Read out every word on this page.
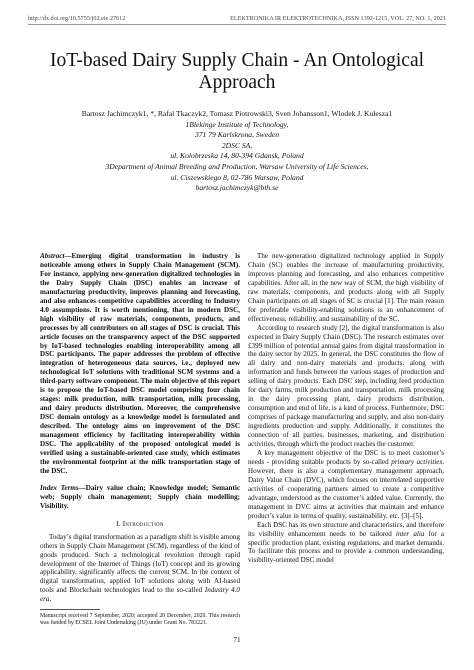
http://dx.doi.org/10.5755/j02.eie.27612	ELEKTRONIKA IR ELEKTROTECHNIKA, ISSN 1392-1215, VOL. 27, NO. 1, 2021
IoT-based Dairy Supply Chain - An Ontological Approach
Bartosz Jachimczyk1, *, Rafal Tkaczyk2, Tomasz Piotrowski3, Sven Johansson1, Wlodek J. Kulesza1
1Blekinge Institute of Technology,
371 79 Karlskrona, Sweden
2DSC SA,
ul. Kolobrzeska 14, 80-394 Gdansk, Poland
3Department of Animal Breeding and Production, Warsaw University of Life Sciences,
ul. Ciszewskiego 8, 02-786 Warsaw, Poland
bartosz.jachimczyk@bth.se

Abstract—Emerging digital transformation in industry is noticeable among others in Supply Chain Management (SCM). For instance, applying new-generation digitalized technologies in the Dairy Supply Chain (DSC) enables an increase of manufacturing productivity, improves planning and forecasting, and also enhances competitive capabilities according to Industry 4.0 assumptions. It is worth mentioning, that in modern DSC, high visibility of raw materials, components, products, and processes by all contributors on all stages of DSC is crucial. This article focuses on the transparency aspect of the DSC supported by IoT-based technologies enabling interoperability among all DSC participants. The paper addresses the problem of effective integration of heterogeneous data sources, i.e., deployed new technological IoT solutions with traditional SCM systems and a third-party software component. The main objective of this report is to propose the IoT-based DSC model comprising four chain stages: milk production, milk transportation, milk processing, and dairy products distribution. Moreover, the comprehensive DSC domain ontology as a knowledge model is formulated and described. The ontology aims on improvement of the DSC management efficiency by facilitating interoperability within DSC. The applicability of the proposed ontological model is verified using a sustainable-oriented case study, which estimates the environmental footprint at the milk transportation stage of the DSC.

Index Terms—Dairy value chain; Knowledge model; Semantic web; Supply chain management; Supply chain modelling; Visibility.

I. Introduction

Today’s digital transformation as a paradigm shift is visible among others in Supply Chain Management (SCM), regardless of the kind of goods produced. Such a technological revolution through rapid development of the Internet of Things (IoT) concept and its growing applicability, significantly affects the current SCM. In the context of digital transformation, applied IoT solutions along with AI-based tools and Blockchain technologies lead to the so-called Industry 4.0 era.

Manuscript received 7 September, 2020; accepted 20 December, 2020. This research was funded by ECSEL Joint Undertaking (JU) under Grant No. 783221.

The new-generation digitalized technology applied in Supply Chain (SC) enables the increase of manufacturing productivity, improves planning and forecasting, and also enhances competitive capabilities. After all, in the new way of SCM, the high visibility of raw materials, components, and products along with all Supply Chain participants on all stages of SC is crucial [1]. The main reason for preferable visibility-enabling solutions is an enhancement of effectiveness, reliability, and sustainability of the SC.

According to research study [2], the digital transformation is also expected in Dairy Supply Chain (DSC). The research estimates over £399 million of potential annual gains from digital transformation in the dairy sector by 2025. In general, the DSC constitutes the flow of all dairy and non-dairy materials and products, along with information and funds between the various stages of production and selling of dairy products. Each DSC step, including feed production for dairy farms, milk production and transportation, milk processing in the dairy processing plant, dairy products distribution, consumption and end of life, is a kind of process. Furthermore, DSC comprises of package manufacturing and supply, and also non-dairy ingredients production and supply. Additionally, it constitutes the connection of all parties, businesses, marketing, and distribution activities, through which the product reaches the customer.

A key management objective of the DSC is to meet customer’s needs - providing suitable products by so-called primary activities. However, there is also a complementary management approach, Dairy Value Chain (DVC), which focuses on interrelated supportive activities of cooperating partners aimed to create a competitive advantage, understood as the customer’s added value. Currently, the management in DVC aims at activities that maintain and enhance product’s value in terms of quality, sustainability, etc. [3]–[5].

Each DSC has its own structure and characteristics, and therefore its visibility enhancement needs to be tailored inter alia for a specific production plant, existing regulations, and market demands. To facilitate this process and to provide a common understanding, visibility-oriented DSC model

71
